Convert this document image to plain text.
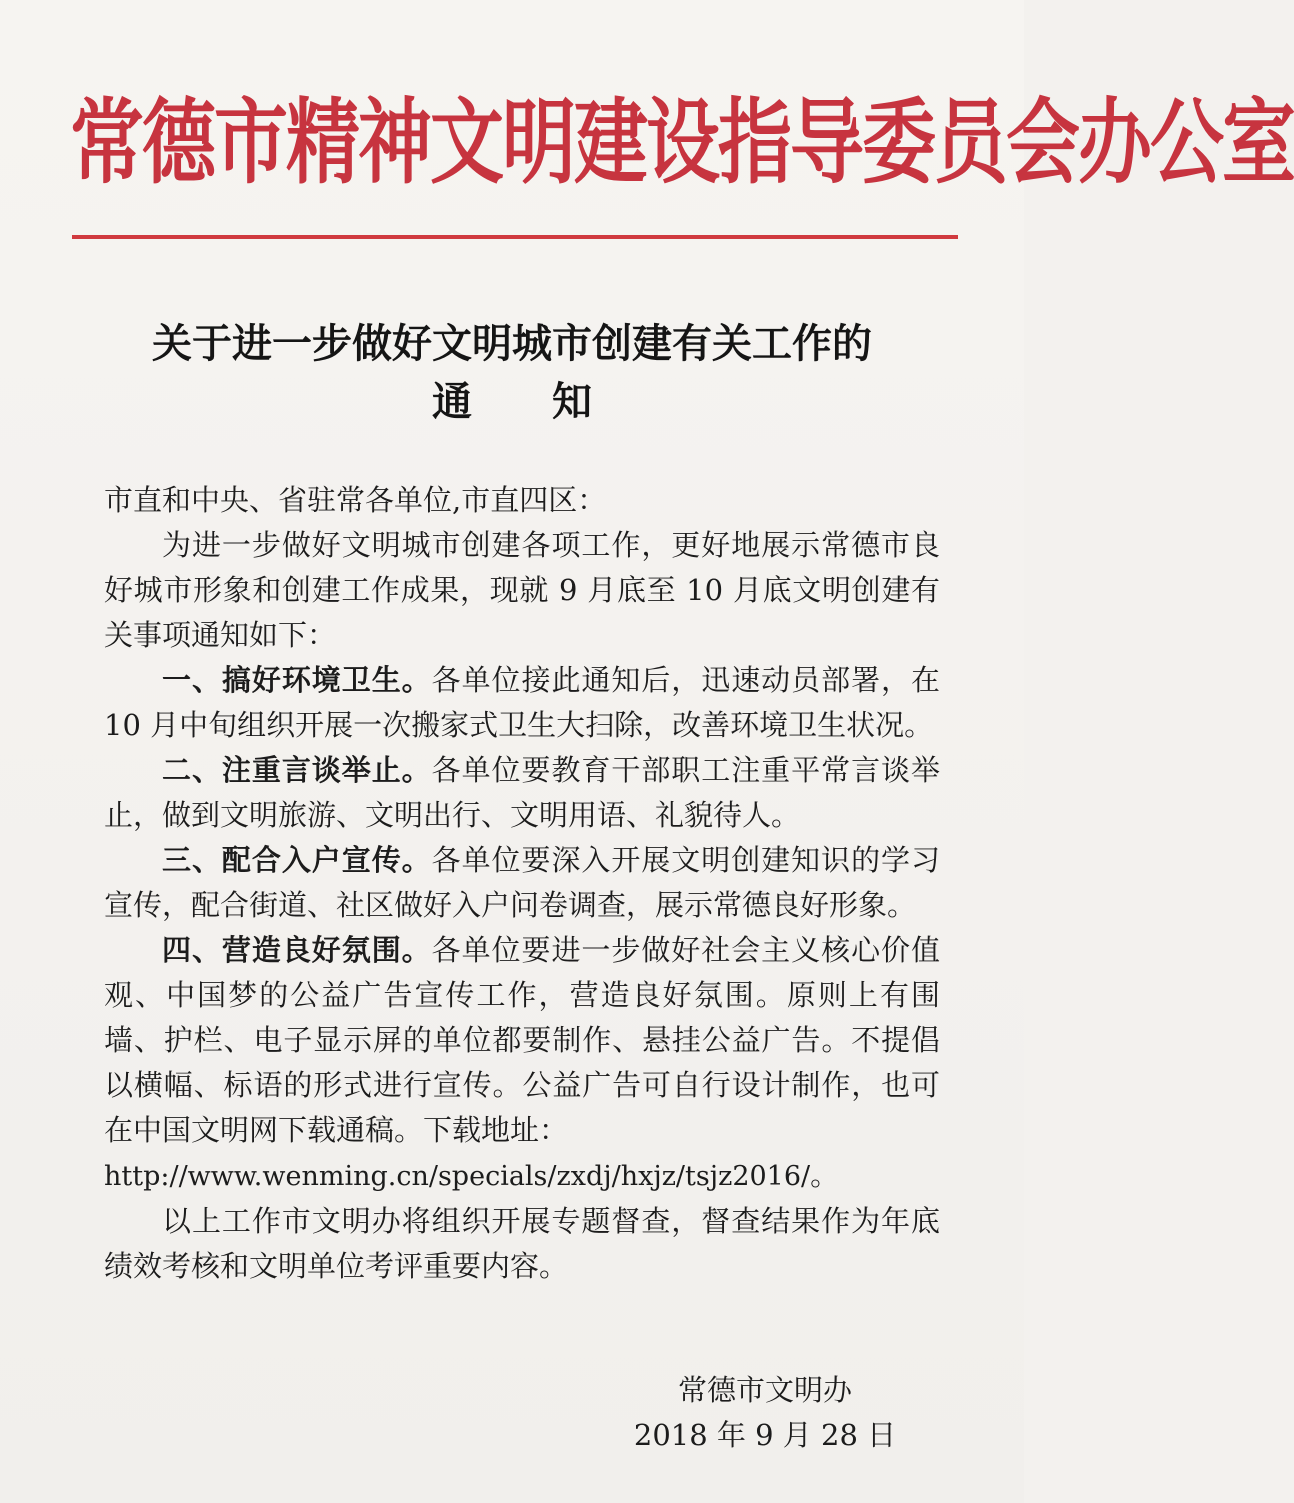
常德市精神文明建设指导委员会办公室
关于进一步做好文明城市创建有关工作的
通知

市直和中央、省驻常各单位,市直四区：

为进一步做好文明城市创建各项工作，更好地展示常德市良好城市形象和创建工作成果，现就 9 月底至 10 月底文明创建有关事项通知如下：

一、搞好环境卫生。各单位接此通知后，迅速动员部署，在 10 月中旬组织开展一次搬家式卫生大扫除，改善环境卫生状况。

二、注重言谈举止。各单位要教育干部职工注重平常言谈举止，做到文明旅游、文明出行、文明用语、礼貌待人。

三、配合入户宣传。各单位要深入开展文明创建知识的学习宣传，配合街道、社区做好入户问卷调查，展示常德良好形象。

四、营造良好氛围。各单位要进一步做好社会主义核心价值观、中国梦的公益广告宣传工作，营造良好氛围。原则上有围墙、护栏、电子显示屏的单位都要制作、悬挂公益广告。不提倡以横幅、标语的形式进行宣传。公益广告可自行设计制作，也可在中国文明网下载通稿。下载地址：
http://www.wenming.cn/specials/zxdj/hxjz/tsjz2016/。

以上工作市文明办将组织开展专题督查，督查结果作为年底绩效考核和文明单位考评重要内容。

常德市文明办
2018 年 9 月 28 日
